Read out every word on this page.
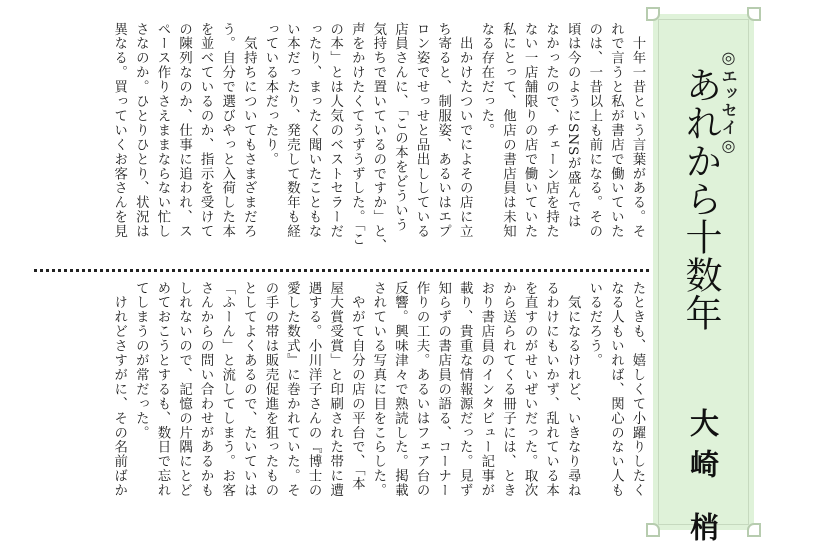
　十年一昔という言葉がある。そ
れで言うと私が書店で働いていた
のは、一昔以上も前になる。その
頃は今のようにSNSが盛んでは
なかったので、チェーン店を持た
ない一店舗限りの店で働いていた
私にとって、他店の書店員は未知
なる存在だった。
　出かけたついでによその店に立
ち寄ると、制服姿、あるいはエプ
ロン姿でせっせと品出ししている
店員さんに、「この本をどういう
気持ちで置いているのですか」と、
声をかけたくてうずうずした。「こ
の本」とは人気のベストセラーだ
ったり、まったく聞いたこともな
い本だったり、発売して数年も経
っている本だったり。
　気持ちについてもさまざまだろ
う。自分で選びやっと入荷した本
を並べているのか、指示を受けて
の陳列なのか、仕事に追われ、ス
ペース作りさえままならない忙し
さなのか。ひとりひとり、状況は
異なる。買っていくお客さんを見
たときも、嬉しくて小躍りしたく
なる人もいれば、関心のない人も
いるだろう。
　気になるけれど、いきなり尋ね
るわけにもいかず、乱れている本
を直すのがせいぜいだった。取次
から送られてくる冊子には、とき
おり書店員のインタビュー記事が
載り、貴重な情報源だった。見ず
知らずの書店員の語る、コーナー
作りの工夫。あるいはフェア台の
反響。興味津々で熟読した。掲載
されている写真に目をこらした。
　やがて自分の店の平台で、「本
屋大賞受賞」と印刷された帯に遭
遇する。小川洋子さんの『博士の
愛した数式』に巻かれていた。そ
の手の帯は販売促進を狙ったもの
としてよくあるので、たいていは
「ふーん」と流してしまう。お客
さんからの問い合わせがあるかも
しれないので、記憶の片隅にとど
めておこうとするも、数日で忘れ
てしまうのが常だった。
　けれどさすがに、その名前ばか
◎エッセイ◎
あれから十数年
大崎 梢
